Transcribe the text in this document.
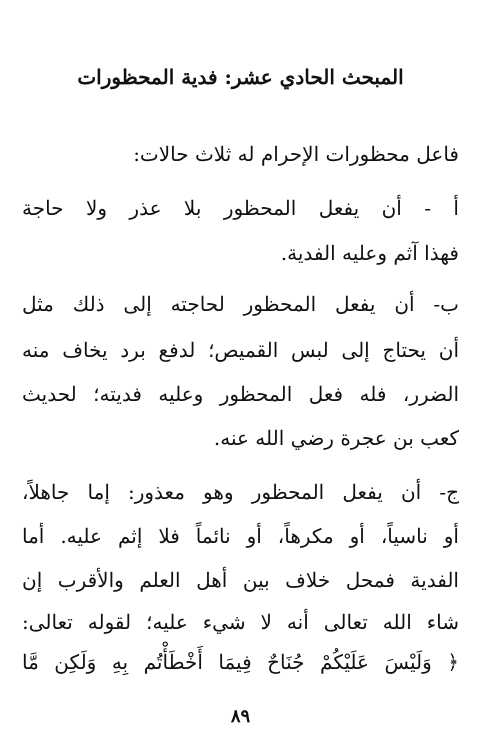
المبحث الحادي عشر: فدية المحظورات
فاعل محظورات الإحرام له ثلاث حالات:
أ - أن يفعل المحظور بلا عذر ولا حاجة
فهذا آثم وعليه الفدية.
ب- أن يفعل المحظور لحاجته إلى ذلك مثل
أن يحتاج إلى لبس القميص؛ لدفع برد يخاف منه
الضرر، فله فعل المحظور وعليه فديته؛ لحديث
كعب بن عجرة رضي الله عنه.
ج- أن يفعل المحظور وهو معذور: إما جاهلاً،
أو ناسياً، أو مكرهاً، أو نائماً فلا إثم عليه. أما
الفدية فمحل خلاف بين أهل العلم والأقرب إن
شاء الله تعالى أنه لا شيء عليه؛ لقوله تعالى:
﴿ وَلَيْسَ عَلَيْكُمْ جُنَاحٌ فِيمَا أَخْطَأْتُم بِهِ وَلَكِن مَّا
٨٩
